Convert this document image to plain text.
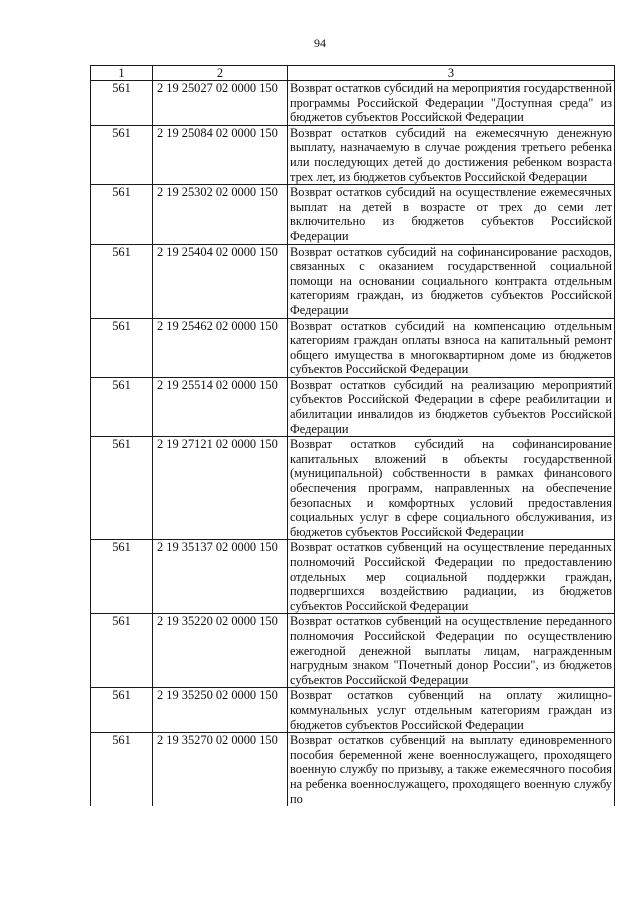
94
1	2	3
561	2 19 25027 02 0000 150	Возврат остатков субсидий на мероприятия государственной программы Российской Федерации "Доступная среда" из бюджетов субъектов Российской Федерации
561	2 19 25084 02 0000 150	Возврат остатков субсидий на ежемесячную денежную выплату, назначаемую в случае рождения третьего ребенка или последующих детей до достижения ребенком возраста трех лет, из бюджетов субъектов Российской Федерации
561	2 19 25302 02 0000 150	Возврат остатков субсидий на осуществление ежемесячных выплат на детей в возрасте от трех до семи лет включительно из бюджетов субъектов Российской Федерации
561	2 19 25404 02 0000 150	Возврат остатков субсидий на софинансирование расходов, связанных с оказанием государственной социальной помощи на основании социального контракта отдельным категориям граждан, из бюджетов субъектов Российской Федерации
561	2 19 25462 02 0000 150	Возврат остатков субсидий на компенсацию отдельным категориям граждан оплаты взноса на капитальный ремонт общего имущества в многоквартирном доме из бюджетов субъектов Российской Федерации
561	2 19 25514 02 0000 150	Возврат остатков субсидий на реализацию мероприятий субъектов Российской Федерации в сфере реабилитации и абилитации инвалидов из бюджетов субъектов Российской Федерации
561	2 19 27121 02 0000 150	Возврат остатков субсидий на софинансирование капитальных вложений в объекты государственной (муниципальной) собственности в рамках финансового обеспечения программ, направленных на обеспечение безопасных и комфортных условий предоставления социальных услуг в сфере социального обслуживания, из бюджетов субъектов Российской Федерации
561	2 19 35137 02 0000 150	Возврат остатков субвенций на осуществление переданных полномочий Российской Федерации по предоставлению отдельных мер социальной поддержки граждан, подвергшихся воздействию радиации, из бюджетов субъектов Российской Федерации
561	2 19 35220 02 0000 150	Возврат остатков субвенций на осуществление переданного полномочия Российской Федерации по осуществлению ежегодной денежной выплаты лицам, награжденным нагрудным знаком "Почетный донор России", из бюджетов субъектов Российской Федерации
561	2 19 35250 02 0000 150	Возврат остатков субвенций на оплату жилищно-коммунальных услуг отдельным категориям граждан из бюджетов субъектов Российской Федерации
561	2 19 35270 02 0000 150	Возврат остатков субвенций на выплату единовременного пособия беременной жене военнослужащего, проходящего военную службу по призыву, а также ежемесячного пособия на ребенка военнослужащего, проходящего военную службу по
